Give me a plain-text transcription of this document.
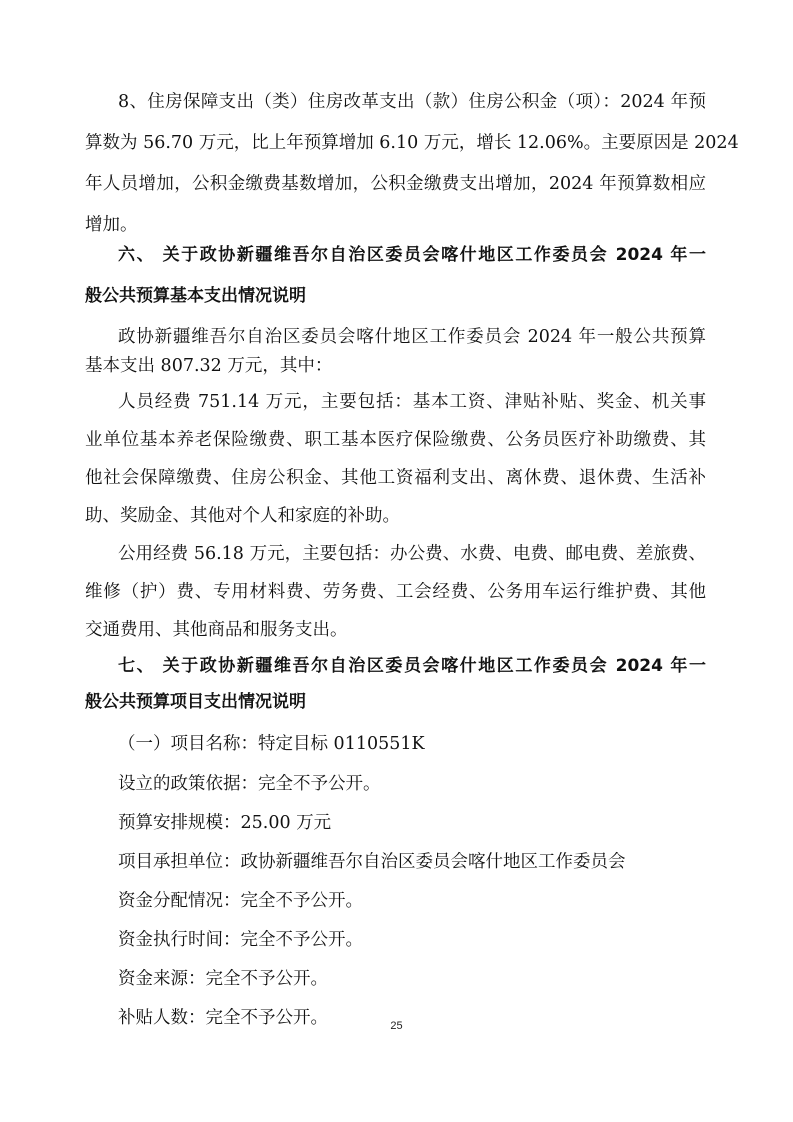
8、住房保障支出（类）住房改革支出（款）住房公积金（项）：2024 年预
算数为 56.70 万元，比上年预算增加 6.10 万元，增长 12.06%。主要原因是 2024
年人员增加，公积金缴费基数增加，公积金缴费支出增加，2024 年预算数相应
增加。
六、 关于政协新疆维吾尔自治区委员会喀什地区工作委员会 2024 年一
般公共预算基本支出情况说明
政协新疆维吾尔自治区委员会喀什地区工作委员会 2024 年一般公共预算
基本支出 807.32 万元，其中：
人员经费 751.14 万元，主要包括：基本工资、津贴补贴、奖金、机关事
业单位基本养老保险缴费、职工基本医疗保险缴费、公务员医疗补助缴费、其
他社会保障缴费、住房公积金、其他工资福利支出、离休费、退休费、生活补
助、奖励金、其他对个人和家庭的补助。
公用经费 56.18 万元，主要包括：办公费、水费、电费、邮电费、差旅费、
维修（护）费、专用材料费、劳务费、工会经费、公务用车运行维护费、其他
交通费用、其他商品和服务支出。
七、 关于政协新疆维吾尔自治区委员会喀什地区工作委员会 2024 年一
般公共预算项目支出情况说明
（一）项目名称：特定目标 0110551K
设立的政策依据：完全不予公开。
预算安排规模：25.00 万元
项目承担单位：政协新疆维吾尔自治区委员会喀什地区工作委员会
资金分配情况：完全不予公开。
资金执行时间：完全不予公开。
资金来源：完全不予公开。
补贴人数：完全不予公开。	25
